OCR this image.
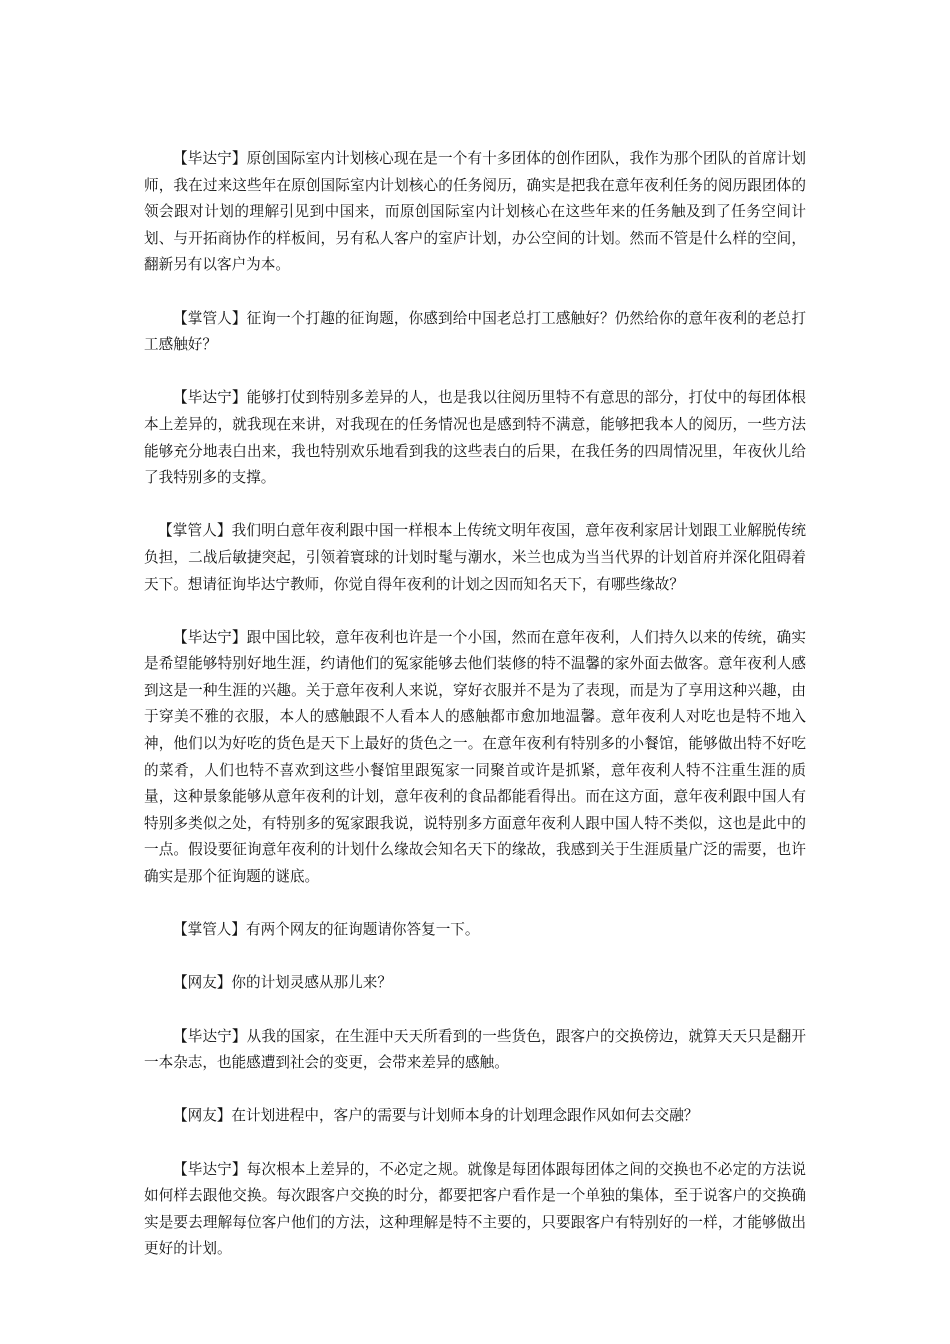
【毕达宁】原创国际室内计划核心现在是一个有十多团体的创作团队，我作为那个团队的首席计划师，我在过来这些年在原创国际室内计划核心的任务阅历，确实是把我在意年夜利任务的阅历跟团体的领会跟对计划的理解引见到中国来，而原创国际室内计划核心在这些年来的任务触及到了任务空间计划、与开拓商协作的样板间，另有私人客户的室庐计划，办公空间的计划。然而不管是什么样的空间，翻新另有以客户为本。

【掌管人】征询一个打趣的征询题，你感到给中国老总打工感触好？仍然给你的意年夜利的老总打工感触好？

【毕达宁】能够打仗到特别多差异的人，也是我以往阅历里特不有意思的部分，打仗中的每团体根本上差异的，就我现在来讲，对我现在的任务情况也是感到特不满意，能够把我本人的阅历，一些方法能够充分地表白出来，我也特别欢乐地看到我的这些表白的后果，在我任务的四周情况里，年夜伙儿给了我特别多的支撑。

【掌管人】我们明白意年夜利跟中国一样根本上传统文明年夜国，意年夜利家居计划跟工业解脱传统负担，二战后敏捷突起，引领着寰球的计划时髦与潮水，米兰也成为当当代界的计划首府并深化阻碍着天下。想请征询毕达宁教师，你觉自得年夜利的计划之因而知名天下，有哪些缘故？

【毕达宁】跟中国比较，意年夜利也许是一个小国，然而在意年夜利，人们持久以来的传统，确实是希望能够特别好地生涯，约请他们的冤家能够去他们装修的特不温馨的家外面去做客。意年夜利人感到这是一种生涯的兴趣。关于意年夜利人来说，穿好衣服并不是为了表现，而是为了享用这种兴趣，由于穿美不雅的衣服，本人的感触跟不人看本人的感触都市愈加地温馨。意年夜利人对吃也是特不地入神，他们以为好吃的货色是天下上最好的货色之一。在意年夜利有特别多的小餐馆，能够做出特不好吃的菜肴，人们也特不喜欢到这些小餐馆里跟冤家一同聚首或许是抓紧，意年夜利人特不注重生涯的质量，这种景象能够从意年夜利的计划，意年夜利的食品都能看得出。而在这方面，意年夜利跟中国人有特别多类似之处，有特别多的冤家跟我说，说特别多方面意年夜利人跟中国人特不类似，这也是此中的一点。假设要征询意年夜利的计划什么缘故会知名天下的缘故，我感到关于生涯质量广泛的需要，也许确实是那个征询题的谜底。

【掌管人】有两个网友的征询题请你答复一下。

【网友】你的计划灵感从那儿来？

【毕达宁】从我的国家，在生涯中天天所看到的一些货色，跟客户的交换傍边，就算天天只是翻开一本杂志，也能感遭到社会的变更，会带来差异的感触。

【网友】在计划进程中，客户的需要与计划师本身的计划理念跟作风如何去交融？

【毕达宁】每次根本上差异的，不必定之规。就像是每团体跟每团体之间的交换也不必定的方法说如何样去跟他交换。每次跟客户交换的时分，都要把客户看作是一个单独的集体，至于说客户的交换确实是要去理解每位客户他们的方法，这种理解是特不主要的，只要跟客户有特别好的一样，才能够做出更好的计划。
